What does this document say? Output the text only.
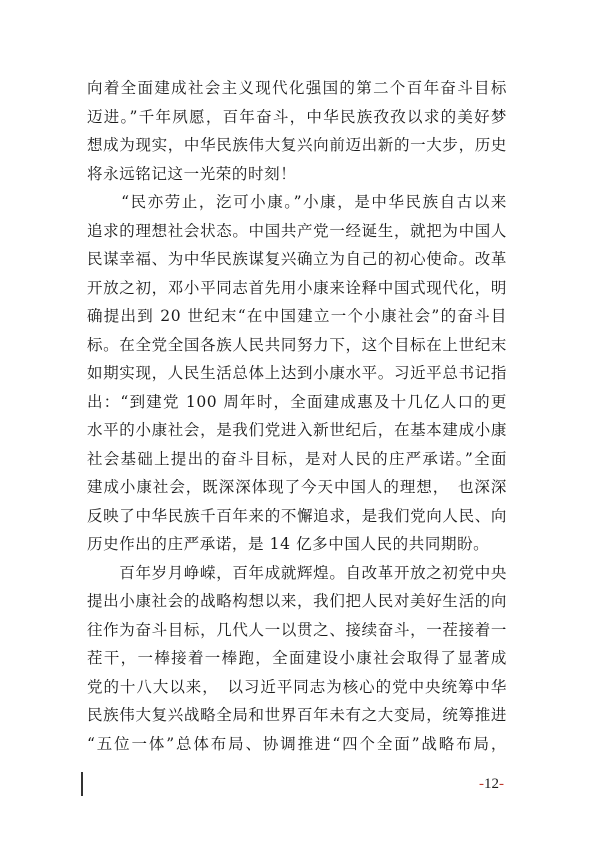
向着全面建成社会主义现代化强国的第二个百年奋斗目标
迈进。”千年夙愿，百年奋斗，中华民族孜孜以求的美好梦
想成为现实，中华民族伟大复兴向前迈出新的一大步，历史
将永远铭记这一光荣的时刻！
　　“民亦劳止，汔可小康。”小康，是中华民族自古以来
追求的理想社会状态。中国共产党一经诞生，就把为中国人
民谋幸福、为中华民族谋复兴确立为自己的初心使命。改革
开放之初，邓小平同志首先用小康来诠释中国式现代化，明
确提出到 20 世纪末“在中国建立一个小康社会”的奋斗目
标。在全党全国各族人民共同努力下，这个目标在上世纪末
如期实现，人民生活总体上达到小康水平。习近平总书记指
出：“到建党 100 周年时，全面建成惠及十几亿人口的更
水平的小康社会，是我们党进入新世纪后，在基本建成小康
社会基础上提出的奋斗目标，是对人民的庄严承诺。”全面
建成小康社会，既深深体现了今天中国人的理想，　也深深
反映了中华民族千百年来的不懈追求，是我们党向人民、向
历史作出的庄严承诺，是 14 亿多中国人民的共同期盼。
　　百年岁月峥嵘，百年成就辉煌。自改革开放之初党中央
提出小康社会的战略构想以来，我们把人民对美好生活的向
往作为奋斗目标，几代人一以贯之、接续奋斗，一茬接着一
茬干，一棒接着一棒跑，全面建设小康社会取得了显著成
党的十八大以来，　以习近平同志为核心的党中央统筹中华
民族伟大复兴战略全局和世界百年未有之大变局，统筹推进
“五位一体”总体布局、协调推进“四个全面”战略布局，
-12-
